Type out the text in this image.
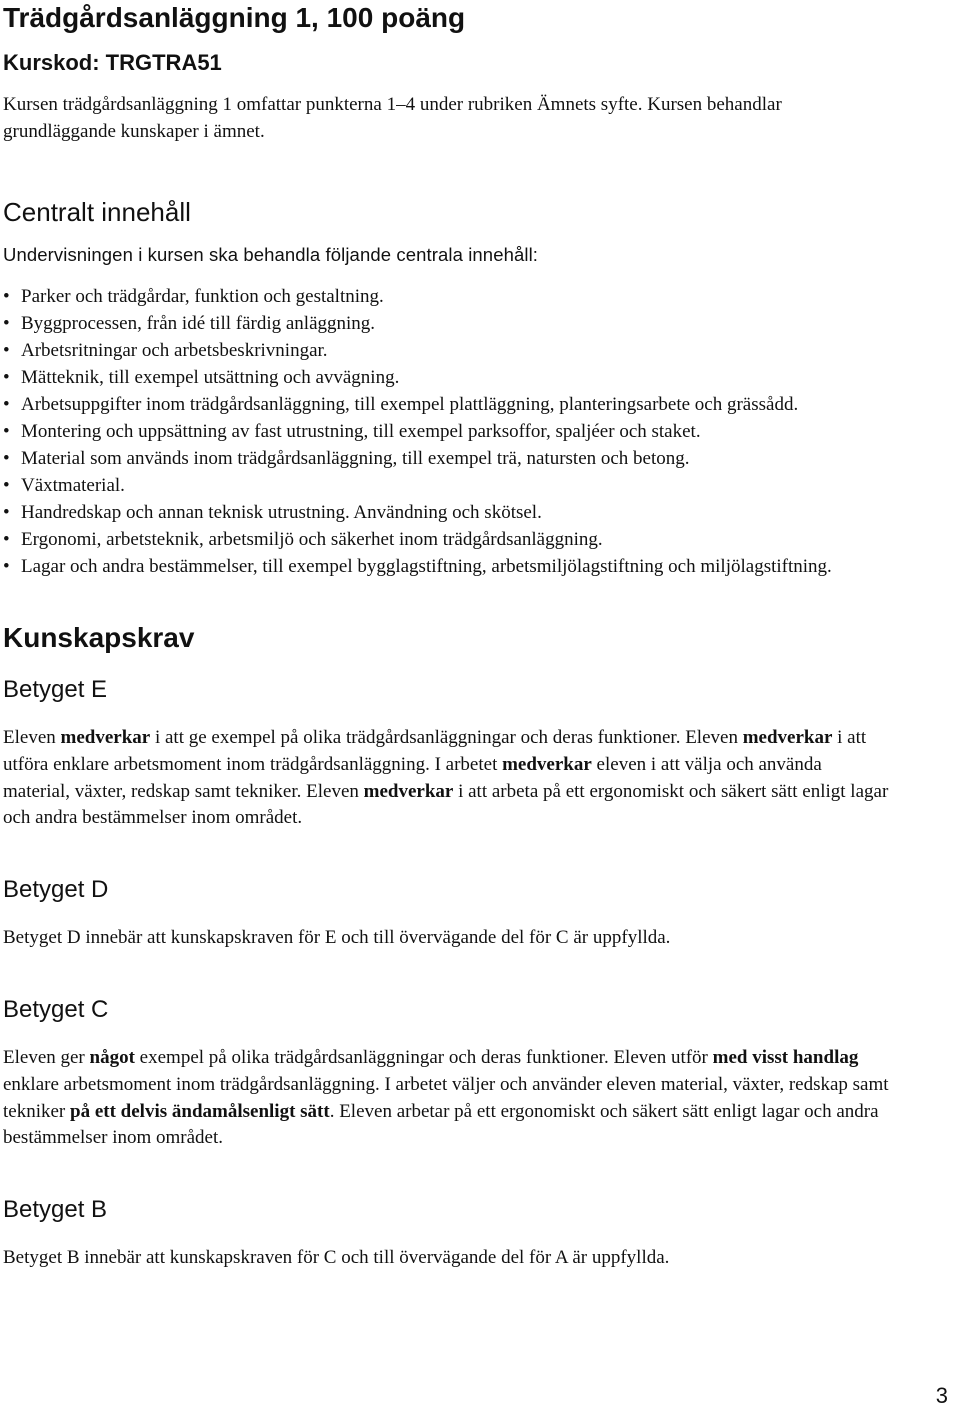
Trädgårdsanläggning 1, 100 poäng
Kurskod: TRGTRA51

Kursen trädgårdsanläggning 1 omfattar punkterna 1–4 under rubriken Ämnets syfte. Kursen behandlar grundläggande kunskaper i ämnet.

Centralt innehåll

Undervisningen i kursen ska behandla följande centrala innehåll:

• Parker och trädgårdar, funktion och gestaltning.
• Byggprocessen, från idé till färdig anläggning.
• Arbetsritningar och arbetsbeskrivningar.
• Mätteknik, till exempel utsättning och avvägning.
• Arbetsuppgifter inom trädgårdsanläggning, till exempel plattläggning, planteringsarbete och grässådd.
• Montering och uppsättning av fast utrustning, till exempel parksoffor, spaljéer och staket.
• Material som används inom trädgårdsanläggning, till exempel trä, natursten och betong.
• Växtmaterial.
• Handredskap och annan teknisk utrustning. Användning och skötsel.
• Ergonomi, arbetsteknik, arbetsmiljö och säkerhet inom trädgårdsanläggning.
• Lagar och andra bestämmelser, till exempel bygglagstiftning, arbetsmiljölagstiftning och miljölagstiftning.
Kunskapskrav
Betyget E

Eleven medverkar i att ge exempel på olika trädgårdsanläggningar och deras funktioner. Eleven medverkar i att utföra enklare arbetsmoment inom trädgårdsanläggning. I arbetet medverkar eleven i att välja och använda material, växter, redskap samt tekniker. Eleven medverkar i att arbeta på ett ergonomiskt och säkert sätt enligt lagar och andra bestämmelser inom området.

Betyget D

Betyget D innebär att kunskapskraven för E och till övervägande del för C är uppfyllda.

Betyget C

Eleven ger något exempel på olika trädgårdsanläggningar och deras funktioner. Eleven utför med visst handlag enklare arbetsmoment inom trädgårdsanläggning. I arbetet väljer och använder eleven material, växter, redskap samt tekniker på ett delvis ändamålsenligt sätt. Eleven arbetar på ett ergonomiskt och säkert sätt enligt lagar och andra bestämmelser inom området.

Betyget B

Betyget B innebär att kunskapskraven för C och till övervägande del för A är uppfyllda.

3
